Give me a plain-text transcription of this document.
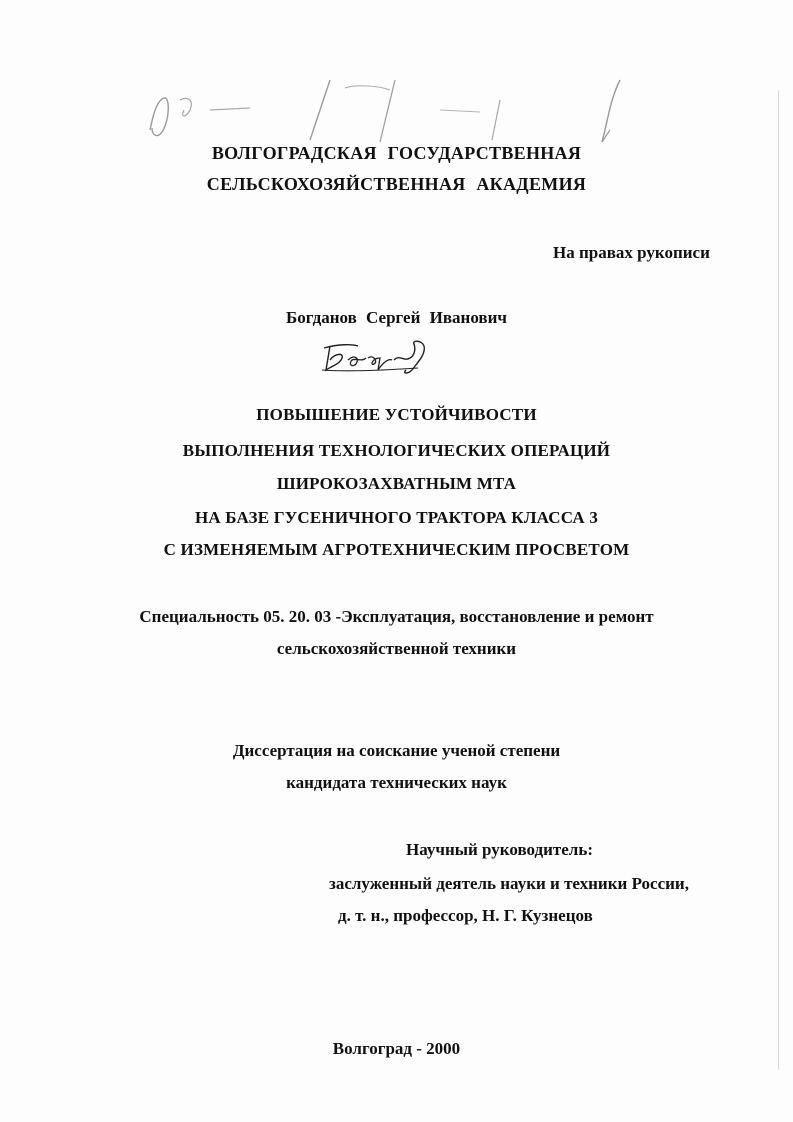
ВОЛГОГРАДСКАЯ ГОСУДАРСТВЕННАЯ
СЕЛЬСКОХОЗЯЙСТВЕННАЯ АКАДЕМИЯ
На правах рукописи
Богданов Сергей Иванович
ПОВЫШЕНИЕ УСТОЙЧИВОСТИ
ВЫПОЛНЕНИЯ ТЕХНОЛОГИЧЕСКИХ ОПЕРАЦИЙ
ШИРОКОЗАХВАТНЫМ МТА
НА БАЗЕ ГУСЕНИЧНОГО ТРАКТОРА КЛАССА 3
С ИЗМЕНЯЕМЫМ АГРОТЕХНИЧЕСКИМ ПРОСВЕТОМ
Специальность 05. 20. 03 -Эксплуатация, восстановление и ремонт
сельскохозяйственной техники
Диссертация на соискание ученой степени
кандидата технических наук
Научный руководитель:
заслуженный деятель науки и техники России,
д. т. н., профессор, Н. Г. Кузнецов
Волгоград - 2000
